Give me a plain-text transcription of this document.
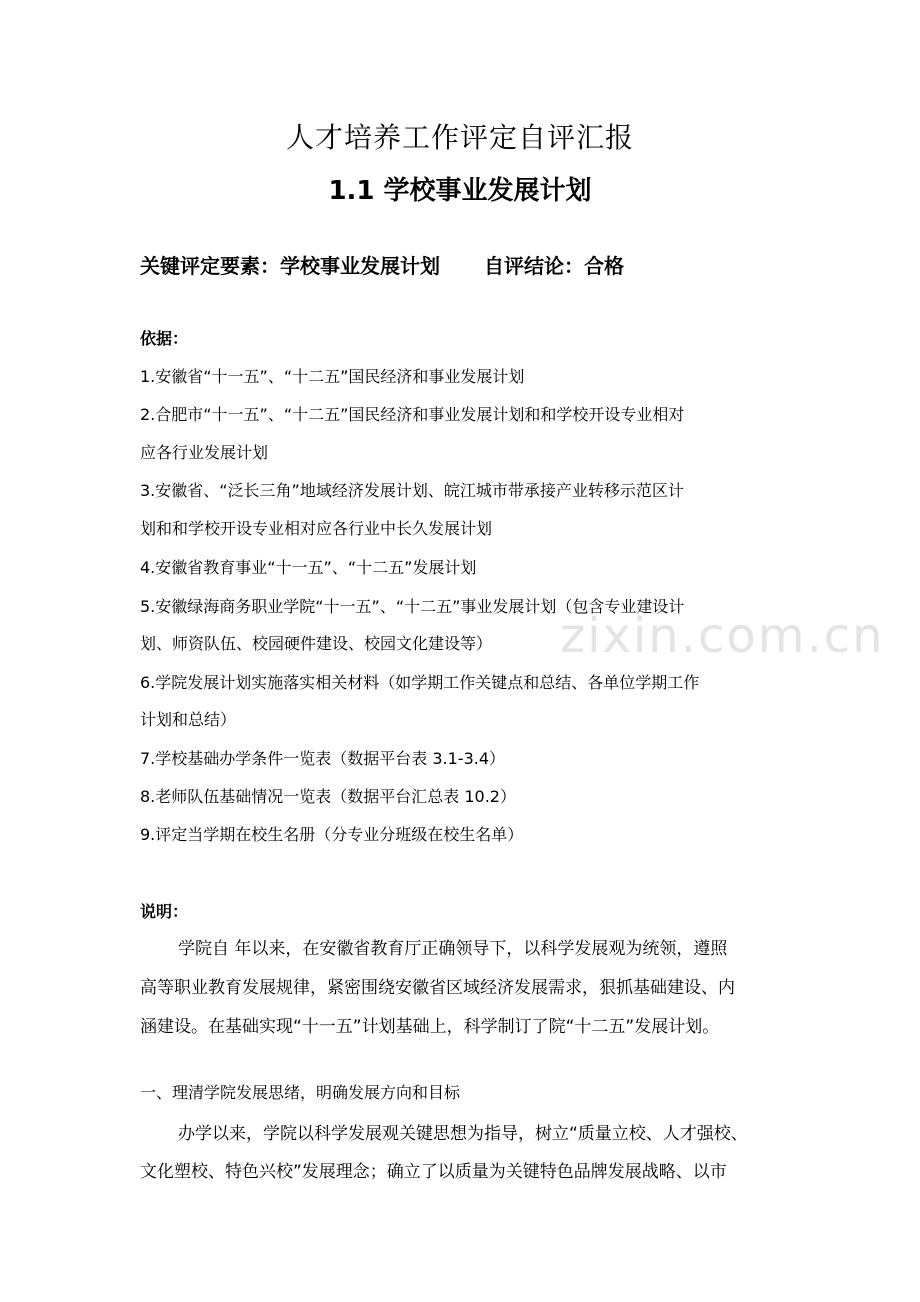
zixin.com.cn
人才培养工作评定自评汇报
1.1 学校事业发展计划
关键评定要素：学校事业发展计划 自评结论：合格
依据：
1.安徽省“十一五”、“十二五”国民经济和事业发展计划
2.合肥市“十一五”、“十二五”国民经济和事业发展计划和和学校开设专业相对
应各行业发展计划
3.安徽省、“泛长三角”地域经济发展计划、皖江城市带承接产业转移示范区计
划和和学校开设专业相对应各行业中长久发展计划
4.安徽省教育事业“十一五”、“十二五”发展计划
5.安徽绿海商务职业学院“十一五”、“十二五”事业发展计划（包含专业建设计
划、师资队伍、校园硬件建设、校园文化建设等）
6.学院发展计划实施落实相关材料（如学期工作关键点和总结、各单位学期工作
计划和总结）
7.学校基础办学条件一览表（数据平台表 3.1-3.4）
8.老师队伍基础情况一览表（数据平台汇总表 10.2）
9.评定当学期在校生名册（分专业分班级在校生名单）
说明：
学院自 年以来，在安徽省教育厅正确领导下，以科学发展观为统领，遵照
高等职业教育发展规律，紧密围绕安徽省区域经济发展需求，狠抓基础建设、内
涵建设。在基础实现“十一五”计划基础上，科学制订了院“十二五”发展计划。
一、理清学院发展思绪，明确发展方向和目标
办学以来，学院以科学发展观关键思想为指导，树立“质量立校、人才强校、
文化塑校、特色兴校”发展理念；确立了以质量为关键特色品牌发展战略、以市
